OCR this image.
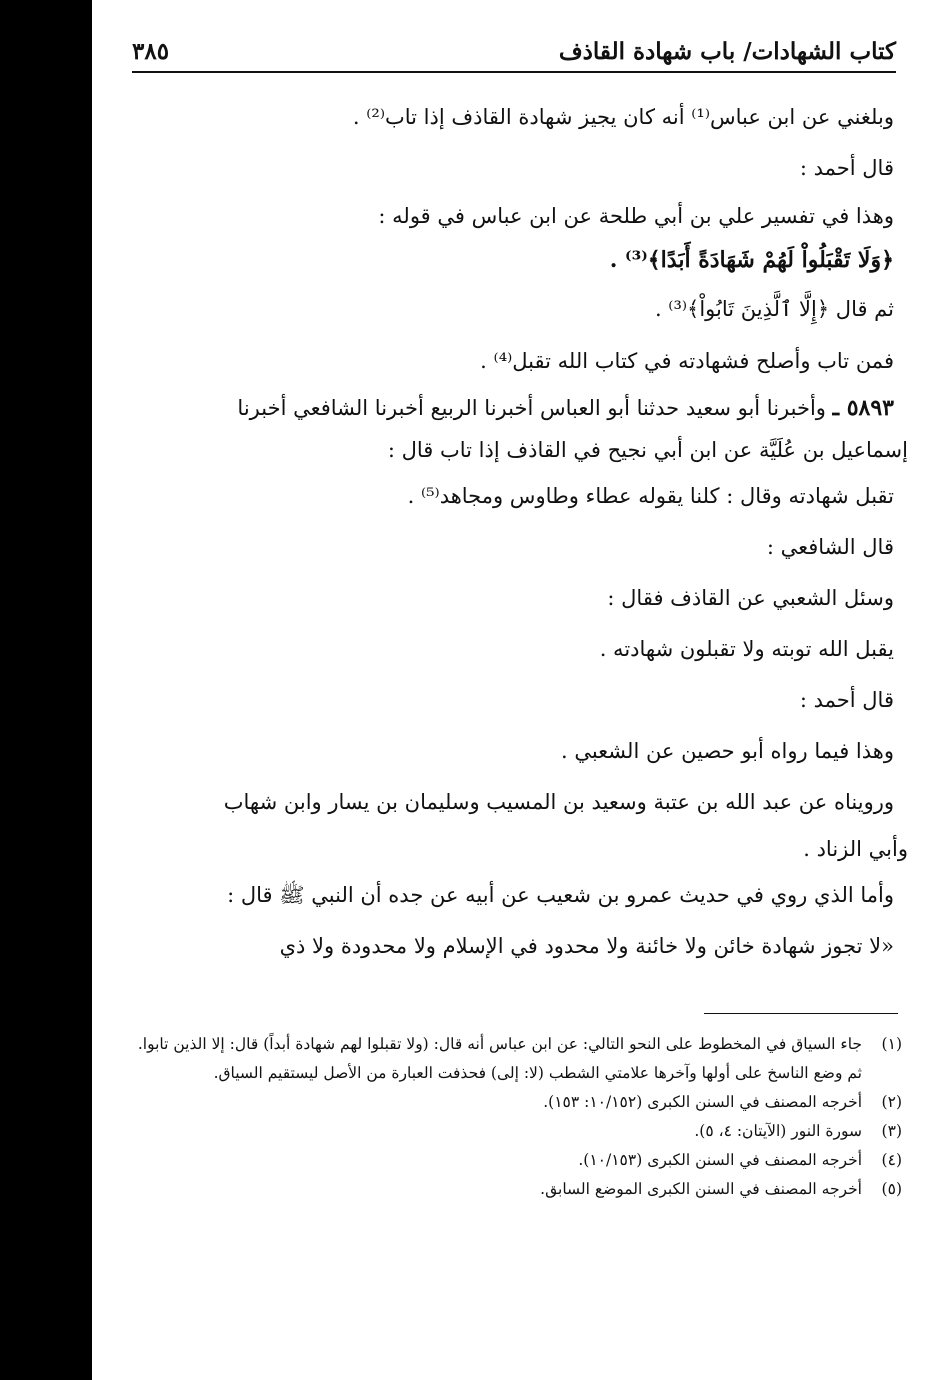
كتاب الشهادات/ باب شهادة القاذف
٣٨٥

وبلغني عن ابن عباس⁽¹⁾ أنه كان يجيز شهادة القاذف إذا تاب⁽²⁾ .

قال أحمد :

وهذا في تفسير علي بن أبي طلحة عن ابن عباس في قوله :

﴿وَلَا تَقْبَلُواْ لَهُمْ شَهَادَةً أَبَدًا﴾⁽³⁾ .

ثم قال ﴿إِلَّا ٱلَّذِينَ تَابُواْ﴾⁽³⁾ .

فمن تاب وأصلح فشهادته في كتاب الله تقبل⁽⁴⁾ .

٥٨٩٣ ـ وأخبرنا أبو سعيد حدثنا أبو العباس أخبرنا الربيع أخبرنا الشافعي أخبرنا

إسماعيل بن عُلَيَّة عن ابن أبي نجيح في القاذف إذا تاب قال :

تقبل شهادته وقال : كلنا يقوله عطاء وطاوس ومجاهد⁽⁵⁾ .

قال الشافعي :

وسئل الشعبي عن القاذف فقال :

يقبل الله توبته ولا تقبلون شهادته .

قال أحمد :

وهذا فيما رواه أبو حصين عن الشعبي .

ورويناه عن عبد الله بن عتبة وسعيد بن المسيب وسليمان بن يسار وابن شهاب

وأبي الزناد .

وأما الذي روي في حديث عمرو بن شعيب عن أبيه عن جده أن النبي ﷺ قال :

«لا تجوز شهادة خائن ولا خائنة ولا محدود في الإسلام ولا محدودة ولا ذي

(١)
جاء السياق في المخطوط على النحو التالي: عن ابن عباس أنه قال: (ولا تقبلوا لهم شهادة أبداً) قال: إلا الذين تابوا.
ثم وضع الناسخ على أولها وآخرها علامتي الشطب (لا: إلى) فحذفت العبارة من الأصل ليستقيم السياق.
(٢)
أخرجه المصنف في السنن الكبرى (١٠/١٥٢: ١٥٣).
(٣)
سورة النور (الآيتان: ٤، ٥).
(٤)
أخرجه المصنف في السنن الكبرى (١٠/١٥٣).
(٥)
أخرجه المصنف في السنن الكبرى الموضع السابق.
